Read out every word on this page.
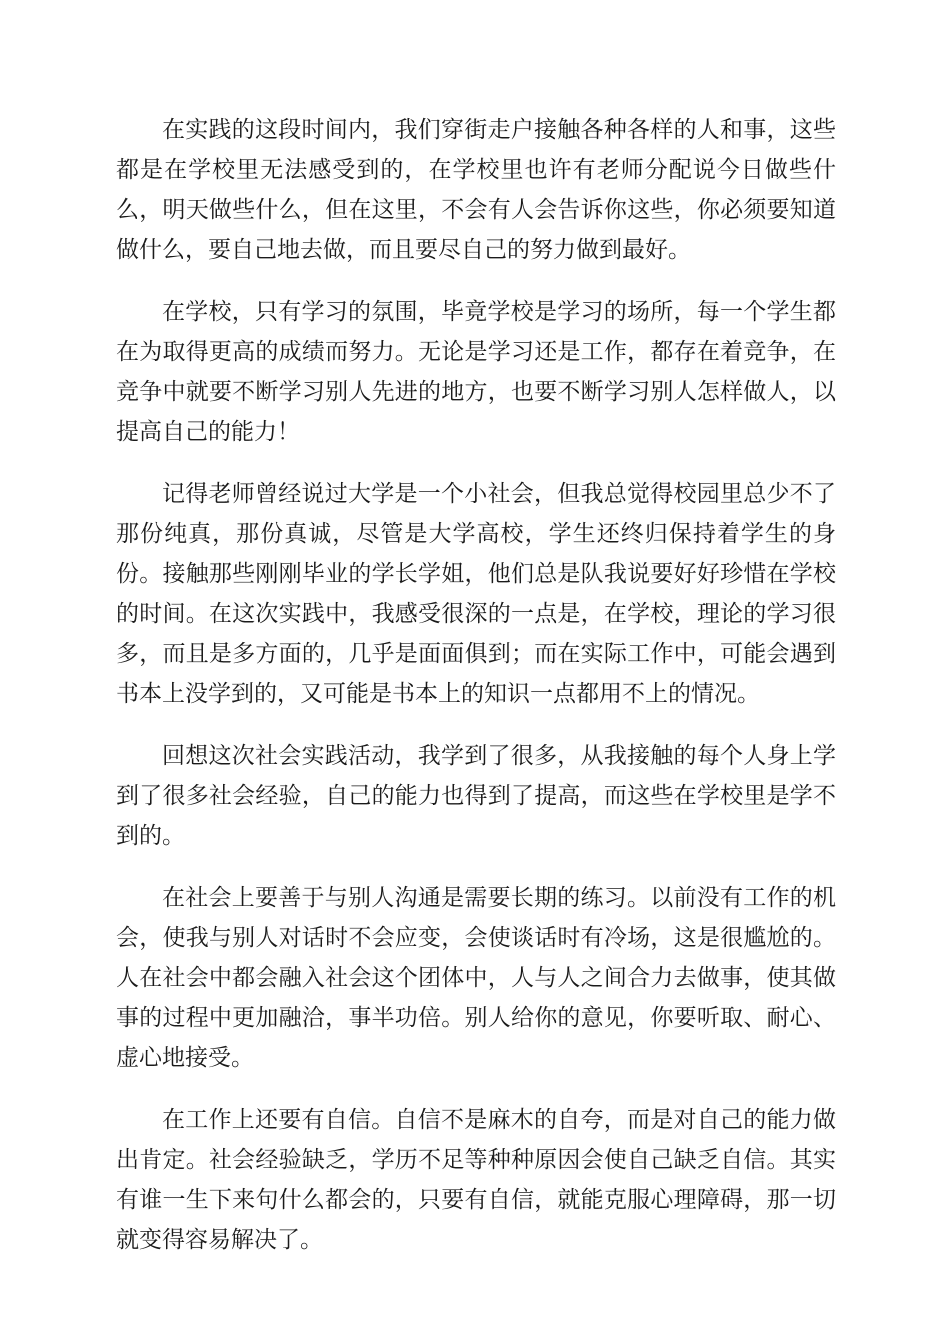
在实践的这段时间内，我们穿街走户接触各种各样的人和事，这些都是在学校里无法感受到的，在学校里也许有老师分配说今日做些什么，明天做些什么，但在这里，不会有人会告诉你这些，你必须要知道做什么，要自己地去做，而且要尽自己的努力做到最好。

在学校，只有学习的氛围，毕竟学校是学习的场所，每一个学生都在为取得更高的成绩而努力。无论是学习还是工作，都存在着竞争，在竞争中就要不断学习别人先进的地方，也要不断学习别人怎样做人，以提高自己的能力！

记得老师曾经说过大学是一个小社会，但我总觉得校园里总少不了那份纯真，那份真诚，尽管是大学高校，学生还终归保持着学生的身份。接触那些刚刚毕业的学长学姐，他们总是队我说要好好珍惜在学校的时间。在这次实践中，我感受很深的一点是，在学校，理论的学习很多，而且是多方面的，几乎是面面俱到；而在实际工作中，可能会遇到书本上没学到的，又可能是书本上的知识一点都用不上的情况。

回想这次社会实践活动，我学到了很多，从我接触的每个人身上学到了很多社会经验，自己的能力也得到了提高，而这些在学校里是学不到的。

在社会上要善于与别人沟通是需要长期的练习。以前没有工作的机会，使我与别人对话时不会应变，会使谈话时有冷场，这是很尴尬的。人在社会中都会融入社会这个团体中，人与人之间合力去做事，使其做事的过程中更加融洽，事半功倍。别人给你的意见，你要听取、耐心、虚心地接受。

在工作上还要有自信。自信不是麻木的自夸，而是对自己的能力做出肯定。社会经验缺乏，学历不足等种种原因会使自己缺乏自信。其实有谁一生下来句什么都会的，只要有自信，就能克服心理障碍，那一切就变得容易解决了。
